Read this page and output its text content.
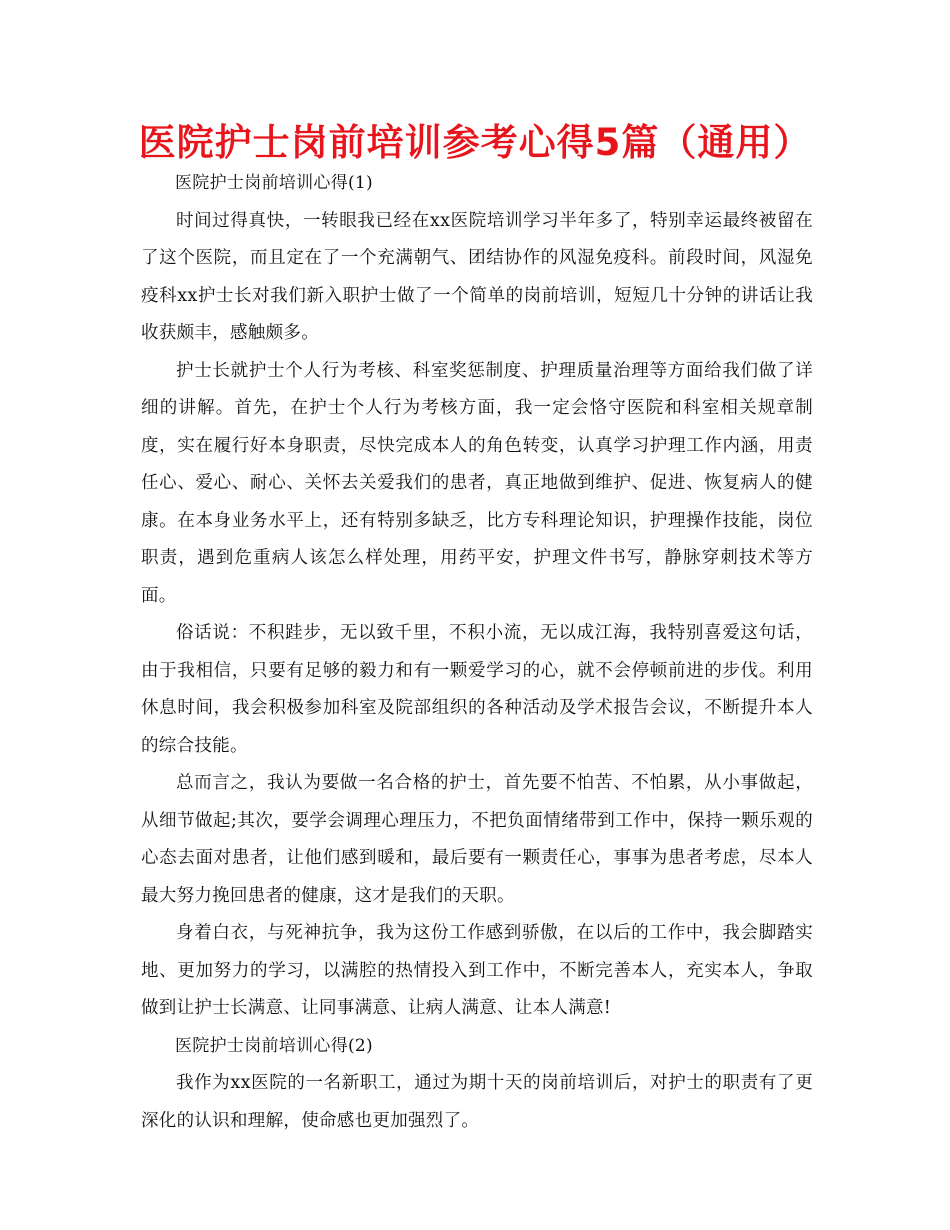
医院护士岗前培训参考心得5篇（通用）

医院护士岗前培训心得(1)

时间过得真快，一转眼我已经在xx医院培训学习半年多了，特别幸运最终被留在了这个医院，而且定在了一个充满朝气、团结协作的风湿免疫科。前段时间，风湿免疫科xx护士长对我们新入职护士做了一个简单的岗前培训，短短几十分钟的讲话让我收获颇丰，感触颇多。

护士长就护士个人行为考核、科室奖惩制度、护理质量治理等方面给我们做了详细的讲解。首先，在护士个人行为考核方面，我一定会恪守医院和科室相关规章制度，实在履行好本身职责，尽快完成本人的角色转变，认真学习护理工作内涵，用责任心、爱心、耐心、关怀去关爱我们的患者，真正地做到维护、促进、恢复病人的健康。在本身业务水平上，还有特别多缺乏，比方专科理论知识，护理操作技能，岗位职责，遇到危重病人该怎么样处理，用药平安，护理文件书写，静脉穿刺技术等方面。

俗话说：不积跬步，无以致千里，不积小流，无以成江海，我特别喜爱这句话，由于我相信，只要有足够的毅力和有一颗爱学习的心，就不会停顿前进的步伐。利用休息时间，我会积极参加科室及院部组织的各种活动及学术报告会议，不断提升本人的综合技能。

总而言之，我认为要做一名合格的护士，首先要不怕苦、不怕累，从小事做起，从细节做起;其次，要学会调理心理压力，不把负面情绪带到工作中，保持一颗乐观的心态去面对患者，让他们感到暖和，最后要有一颗责任心，事事为患者考虑，尽本人最大努力挽回患者的健康，这才是我们的天职。

身着白衣，与死神抗争，我为这份工作感到骄傲，在以后的工作中，我会脚踏实地、更加努力的学习，以满腔的热情投入到工作中，不断完善本人，充实本人，争取做到让护士长满意、让同事满意、让病人满意、让本人满意!

医院护士岗前培训心得(2)

我作为xx医院的一名新职工，通过为期十天的岗前培训后，对护士的职责有了更深化的认识和理解，使命感也更加强烈了。
